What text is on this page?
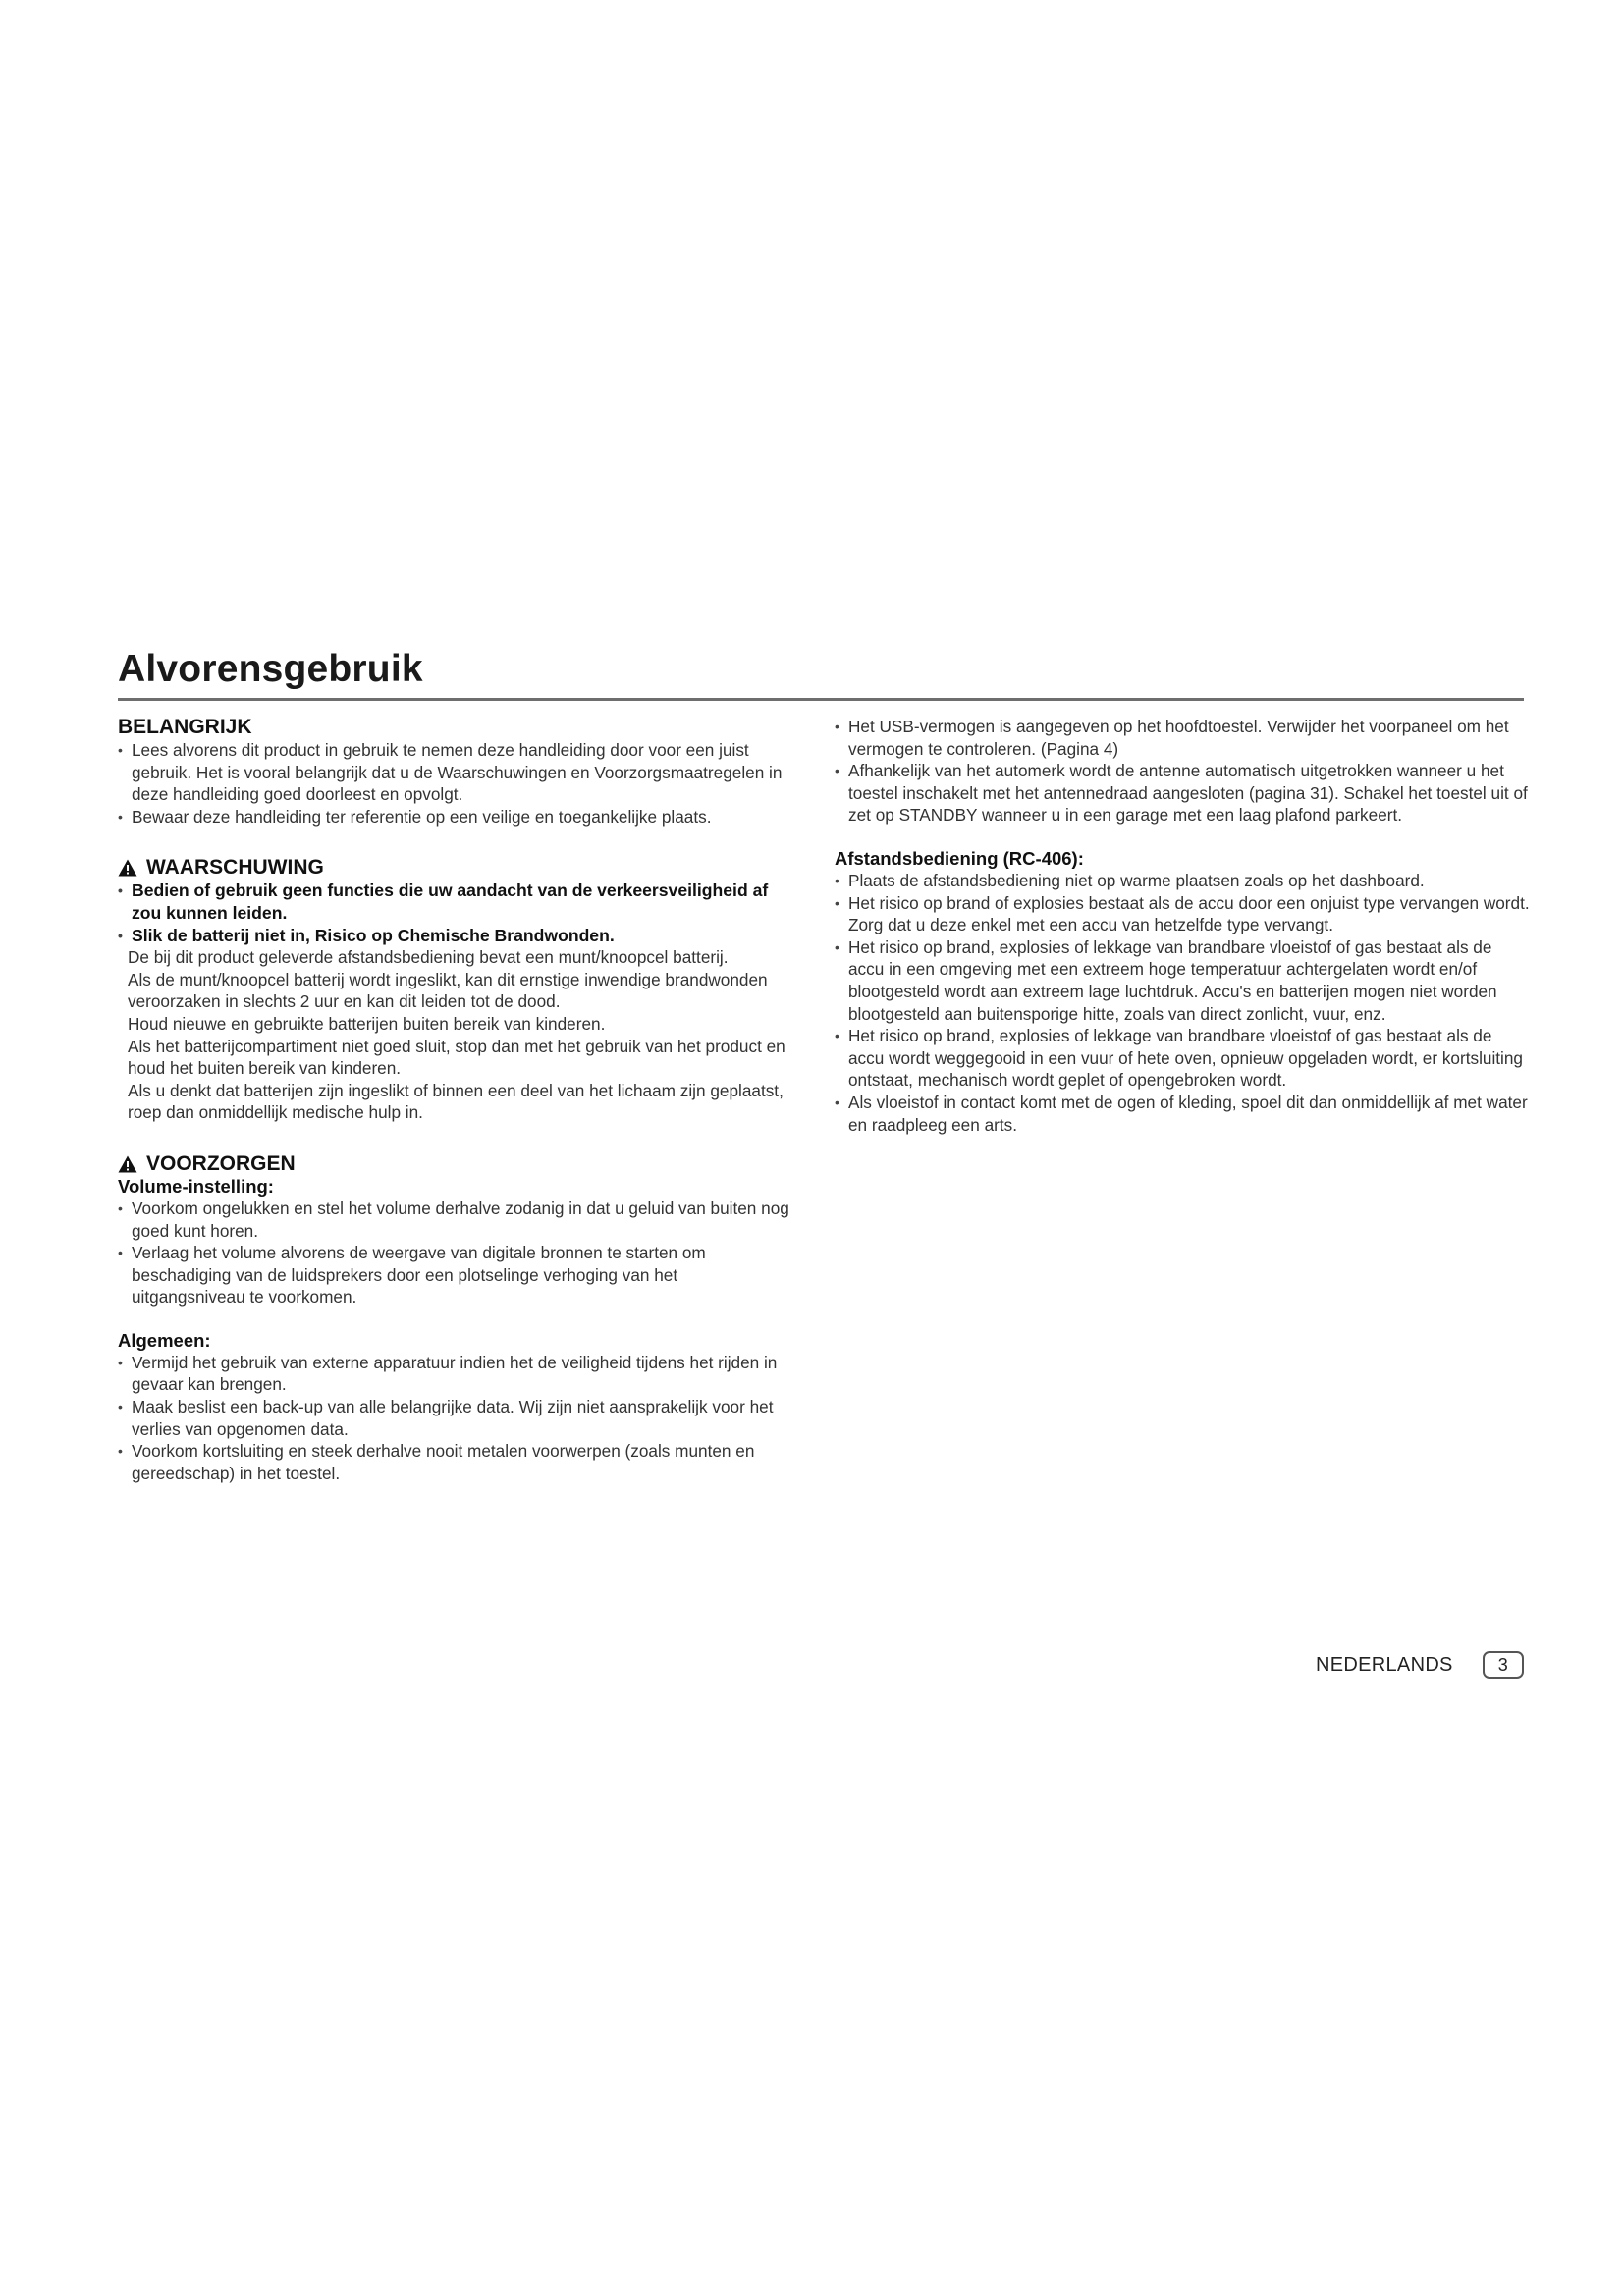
Alvorensgebruik
BELANGRIJK
• Lees alvorens dit product in gebruik te nemen deze handleiding door voor een juist gebruik. Het is vooral belangrijk dat u de Waarschuwingen en Voorzorgsmaatregelen in deze handleiding goed doorleest en opvolgt.
• Bewaar deze handleiding ter referentie op een veilige en toegankelijke plaats.
WAARSCHUWING
• Bedien of gebruik geen functies die uw aandacht van de verkeersveiligheid af zou kunnen leiden.
• Slik de batterij niet in, Risico op Chemische Brandwonden.
De bij dit product geleverde afstandsbediening bevat een munt/knoopcel batterij.
Als de munt/knoopcel batterij wordt ingeslikt, kan dit ernstige inwendige brandwonden veroorzaken in slechts 2 uur en kan dit leiden tot de dood.
Houd nieuwe en gebruikte batterijen buiten bereik van kinderen.
Als het batterijcompartiment niet goed sluit, stop dan met het gebruik van het product en houd het buiten bereik van kinderen.
Als u denkt dat batterijen zijn ingeslikt of binnen een deel van het lichaam zijn geplaatst, roep dan onmiddellijk medische hulp in.
VOORZORGEN
Volume-instelling:
• Voorkom ongelukken en stel het volume derhalve zodanig in dat u geluid van buiten nog goed kunt horen.
• Verlaag het volume alvorens de weergave van digitale bronnen te starten om beschadiging van de luidsprekers door een plotselinge verhoging van het uitgangsniveau te voorkomen.
Algemeen:
• Vermijd het gebruik van externe apparatuur indien het de veiligheid tijdens het rijden in gevaar kan brengen.
• Maak beslist een back-up van alle belangrijke data. Wij zijn niet aansprakelijk voor het verlies van opgenomen data.
• Voorkom kortsluiting en steek derhalve nooit metalen voorwerpen (zoals munten en gereedschap) in het toestel.
• Het USB-vermogen is aangegeven op het hoofdtoestel. Verwijder het voorpaneel om het vermogen te controleren. (Pagina 4)
• Afhankelijk van het automerk wordt de antenne automatisch uitgetrokken wanneer u het toestel inschakelt met het antennedraad aangesloten (pagina 31). Schakel het toestel uit of zet op STANDBY wanneer u in een garage met een laag plafond parkeert.
Afstandsbediening (RC-406):
• Plaats de afstandsbediening niet op warme plaatsen zoals op het dashboard.
• Het risico op brand of explosies bestaat als de accu door een onjuist type vervangen wordt.
Zorg dat u deze enkel met een accu van hetzelfde type vervangt.
• Het risico op brand, explosies of lekkage van brandbare vloeistof of gas bestaat als de accu in een omgeving met een extreem hoge temperatuur achtergelaten wordt en/of blootgesteld wordt aan extreem lage luchtdruk. Accu's en batterijen mogen niet worden blootgesteld aan buitensporige hitte, zoals van direct zonlicht, vuur, enz.
• Het risico op brand, explosies of lekkage van brandbare vloeistof of gas bestaat als de accu wordt weggegooid in een vuur of hete oven, opnieuw opgeladen wordt, er kortsluiting ontstaat, mechanisch wordt geplet of opengebroken wordt.
• Als vloeistof in contact komt met de ogen of kleding, spoel dit dan onmiddellijk af met water en raadpleeg een arts.
NEDERLANDS	3
